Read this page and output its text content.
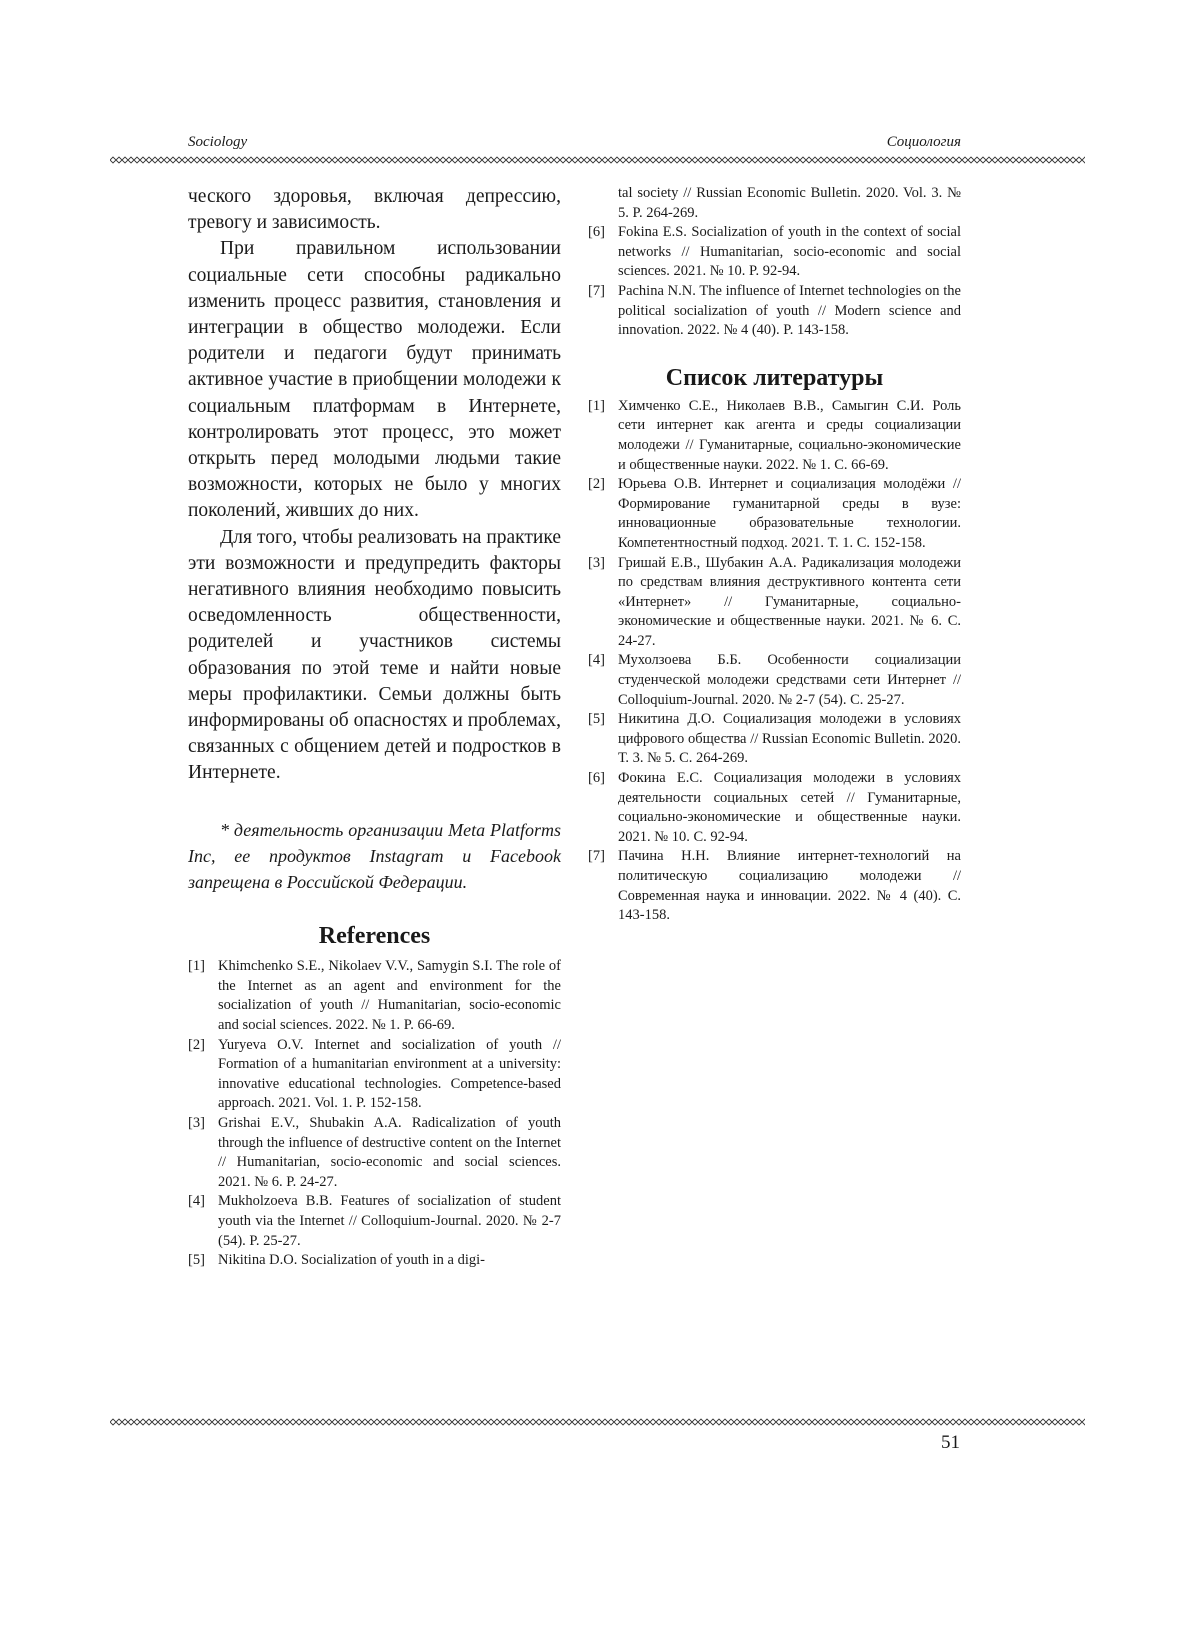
Sociology	Социология

ческого здоровья, включая депрессию, тревогу и зависимость.

При правильном использовании социальные сети способны радикально изменить процесс развития, становления и интеграции в общество молодежи. Если родители и педагоги будут принимать активное участие в приобщении молодежи к социальным платформам в Интернете, контролировать этот процесс, это может открыть перед молодыми людьми такие возможности, которых не было у многих поколений, живших до них.

Для того, чтобы реализовать на практике эти возможности и предупредить факторы негативного влияния необходимо повысить осведомленность общественности, родителей и участников системы образования по этой теме и найти новые меры профилактики. Семьи должны быть информированы об опасностях и проблемах, связанных с общением детей и подростков в Интернете.

* деятельность организации Meta Platforms Inc, ее продуктов Instagram и Facebook запрещена в Российской Федерации.

References
[1] Khimchenko S.E., Nikolaev V.V., Samygin S.I. The role of the Internet as an agent and environment for the socialization of youth // Humanitarian, socio-economic and social sciences. 2022. № 1. P. 66-69.
[2] Yuryeva O.V. Internet and socialization of youth // Formation of a humanitarian environment at a university: innovative educational technologies. Competence-based approach. 2021. Vol. 1. P. 152-158.
[3] Grishai E.V., Shubakin A.A. Radicalization of youth through the influence of destructive content on the Internet // Humanitarian, socio-economic and social sciences. 2021. № 6. P. 24-27.
[4] Mukholzoeva B.B. Features of socialization of student youth via the Internet // Colloquium-Journal. 2020. № 2-7 (54). P. 25-27.
[5] Nikitina D.O. Socialization of youth in a digi-
tal society // Russian Economic Bulletin. 2020. Vol. 3. № 5. P. 264-269.
[6] Fokina E.S. Socialization of youth in the context of social networks // Humanitarian, socio-economic and social sciences. 2021. № 10. P. 92-94.
[7] Pachina N.N. The influence of Internet technologies on the political socialization of youth // Modern science and innovation. 2022. № 4 (40). P. 143-158.
Список литературы
[1] Химченко С.Е., Николаев В.В., Самыгин С.И. Роль сети интернет как агента и среды социализации молодежи // Гуманитарные, социально-экономические и общественные науки. 2022. № 1. С. 66-69.
[2] Юрьева О.В. Интернет и социализация молодёжи // Формирование гуманитарной среды в вузе: инновационные образовательные технологии. Компетентностный подход. 2021. Т. 1. С. 152-158.
[3] Гришай Е.В., Шубакин А.А. Радикализация молодежи по средствам влияния деструктивного контента сети «Интернет» // Гуманитарные, социально-экономические и общественные науки. 2021. № 6. С. 24-27.
[4] Мухолзоева Б.Б. Особенности социализации студенческой молодежи средствами сети Интернет // Colloquium-Journal. 2020. № 2-7 (54). С. 25-27.
[5] Никитина Д.О. Социализация молодежи в условиях цифрового общества // Russian Economic Bulletin. 2020. Т. 3. № 5. С. 264-269.
[6] Фокина Е.С. Социализация молодежи в условиях деятельности социальных сетей // Гуманитарные, социально-экономические и общественные науки. 2021. № 10. С. 92-94.
[7] Пачина Н.Н. Влияние интернет-технологий на политическую социализацию молодежи // Современная наука и инновации. 2022. № 4 (40). С. 143-158.
51
